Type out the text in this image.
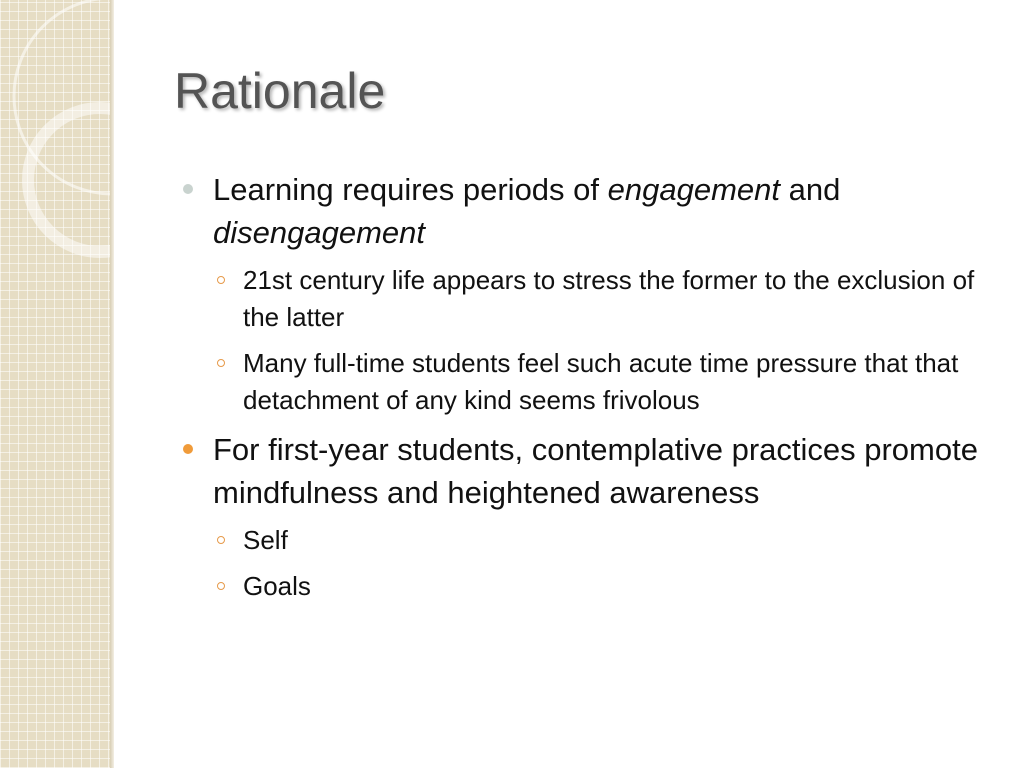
Rationale
Learning requires periods of engagement and disengagement
21st century life appears to stress the former to the exclusion of the latter
Many full-time students feel such acute time pressure that that detachment of any kind seems frivolous
For first-year students, contemplative practices promote mindfulness and heightened awareness
Self
Goals
